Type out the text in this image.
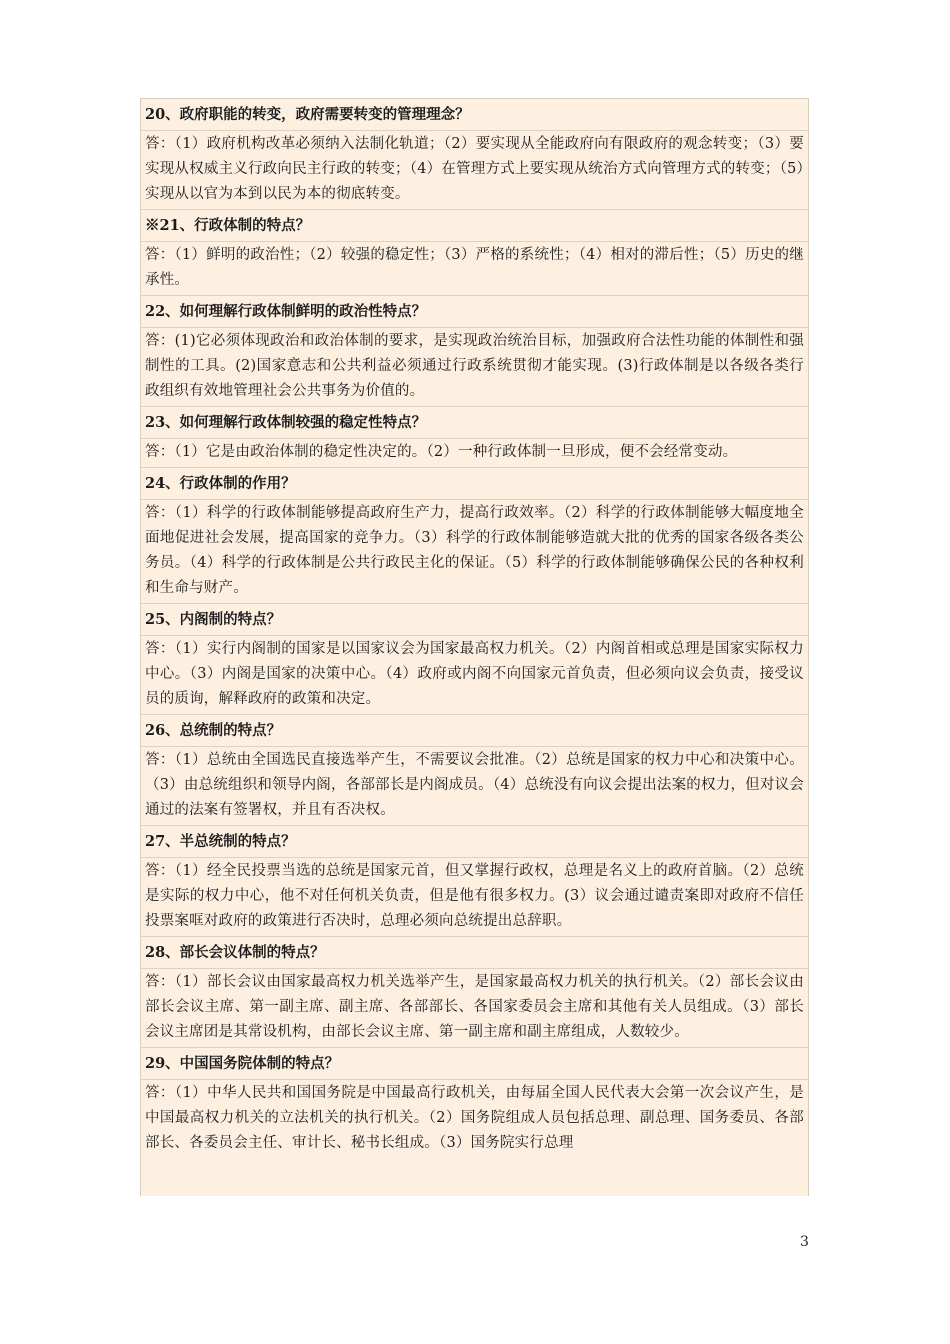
20、政府职能的转变，政府需要转变的管理理念？
答：（1）政府机构改革必须纳入法制化轨道；（2）要实现从全能政府向有限政府的观念转变；（3）要实现从权威主义行政向民主行政的转变；（4）在管理方式上要实现从统治方式向管理方式的转变；（5）实现从以官为本到以民为本的彻底转变。
※21、行政体制的特点？
答：（1）鲜明的政治性；（2）较强的稳定性；（3）严格的系统性；（4）相对的滞后性；（5）历史的继承性。
22、如何理解行政体制鲜明的政治性特点？
答：(1)它必须体现政治和政治体制的要求，是实现政治统治目标，加强政府合法性功能的体制性和强制性的工具。(2)国家意志和公共利益必须通过行政系统贯彻才能实现。(3)行政体制是以各级各类行政组织有效地管理社会公共事务为价值的。
23、如何理解行政体制较强的稳定性特点？
答：（1）它是由政治体制的稳定性决定的。（2）一种行政体制一旦形成，便不会经常变动。
24、行政体制的作用？
答：（1）科学的行政体制能够提高政府生产力，提高行政效率。（2）科学的行政体制能够大幅度地全面地促进社会发展，提高国家的竞争力。（3）科学的行政体制能够造就大批的优秀的国家各级各类公务员。（4）科学的行政体制是公共行政民主化的保证。（5）科学的行政体制能够确保公民的各种权利和生命与财产。
25、内阁制的特点？
答：（1）实行内阁制的国家是以国家议会为国家最高权力机关。（2）内阁首相或总理是国家实际权力中心。（3）内阁是国家的决策中心。（4）政府或内阁不向国家元首负责，但必须向议会负责，接受议员的质询，解释政府的政策和决定。
26、总统制的特点？
答：（1）总统由全国选民直接选举产生，不需要议会批准。（2）总统是国家的权力中心和决策中心。（3）由总统组织和领导内阁，各部部长是内阁成员。（4）总统没有向议会提出法案的权力，但对议会通过的法案有签署权，并且有否决权。
27、半总统制的特点？
答：（1）经全民投票当选的总统是国家元首，但又掌握行政权，总理是名义上的政府首脑。（2）总统是实际的权力中心，他不对任何机关负责，但是他有很多权力。(3）议会通过谴责案即对政府不信任投票案哐对政府的政策进行否决时，总理必须向总统提出总辞职。
28、部长会议体制的特点？
答：（1）部长会议由国家最高权力机关选举产生，是国家最高权力机关的执行机关。（2）部长会议由部长会议主席、第一副主席、副主席、各部部长、各国家委员会主席和其他有关人员组成。（3）部长会议主席团是其常设机构，由部长会议主席、第一副主席和副主席组成，人数较少。
29、中国国务院体制的特点？
答：（1）中华人民共和国国务院是中国最高行政机关，由每届全国人民代表大会第一次会议产生，是中国最高权力机关的立法机关的执行机关。（2）国务院组成人员包括总理、副总理、国务委员、各部部长、各委员会主任、审计长、秘书长组成。（3）国务院实行总理
3
